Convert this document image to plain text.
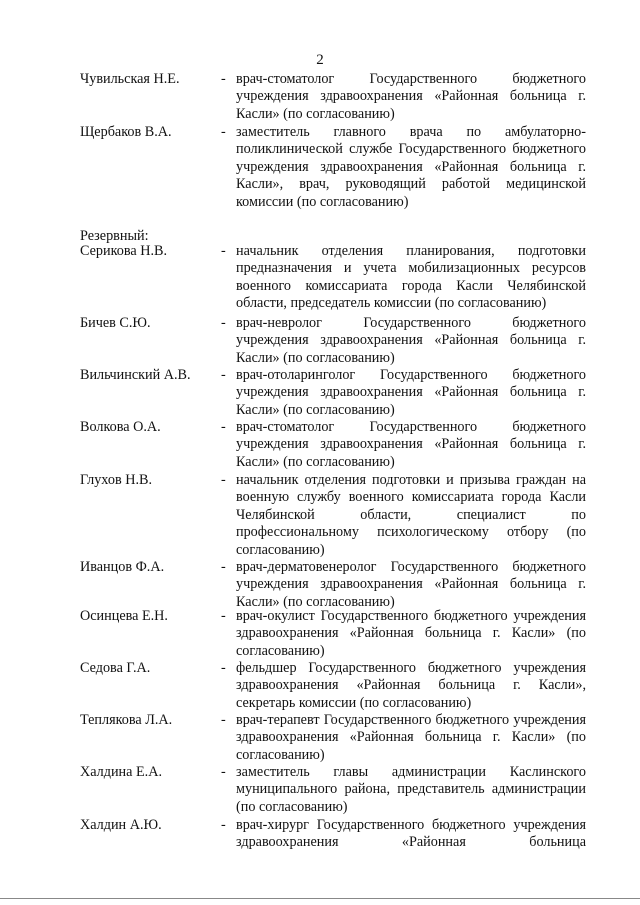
2
Чувильская Н.Е.	- врач-стоматолог Государственного бюджетного учреждения здравоохранения «Районная больница г. Касли» (по согласованию)
Щербаков В.А.	- заместитель главного врача по амбулаторно-поликлинической службе Государственного бюджетного учреждения здравоохранения «Районная больница г. Касли», врач, руководящий работой медицинской комиссии (по согласованию)
Резервный:
Серикова Н.В.	- начальник отделения планирования, подготовки предназначения и учета мобилизационных ресурсов военного комиссариата города Касли Челябинской области, председатель комиссии (по согласованию)
Бичев С.Ю.	- врач-невролог Государственного бюджетного учреждения здравоохранения «Районная больница г. Касли» (по согласованию)
Вильчинский А.В. - врач-отоларинголог Государственного бюджетного учреждения здравоохранения «Районная больница г. Касли» (по согласованию)
Волкова О.А.	- врач-стоматолог Государственного бюджетного учреждения здравоохранения «Районная больница г. Касли» (по согласованию)
Глухов Н.В.	- начальник отделения подготовки и призыва граждан на военную службу военного комиссариата города Касли Челябинской области, специалист по профессиональному психологическому отбору (по согласованию)
Иванцов Ф.А.	- врач-дерматовенеролог Государственного бюджетного учреждения здравоохранения «Районная больница г. Касли» (по согласованию)
Осинцева Е.Н.	- врач-окулист Государственного бюджетного учреждения здравоохранения «Районная больница г. Касли» (по согласованию)
Седова Г.А.	- фельдшер Государственного бюджетного учреждения здравоохранения «Районная больница г. Касли», секретарь комиссии (по согласованию)
Теплякова Л.А.	- врач-терапевт Государственного бюджетного учреждения здравоохранения «Районная больница г. Касли» (по согласованию)
Халдина Е.А.	- заместитель главы администрации Каслинского муниципального района, представитель администрации (по согласованию)
Халдин А.Ю.	- врач-хирург Государственного бюджетного учреждения здравоохранения «Районная больница
